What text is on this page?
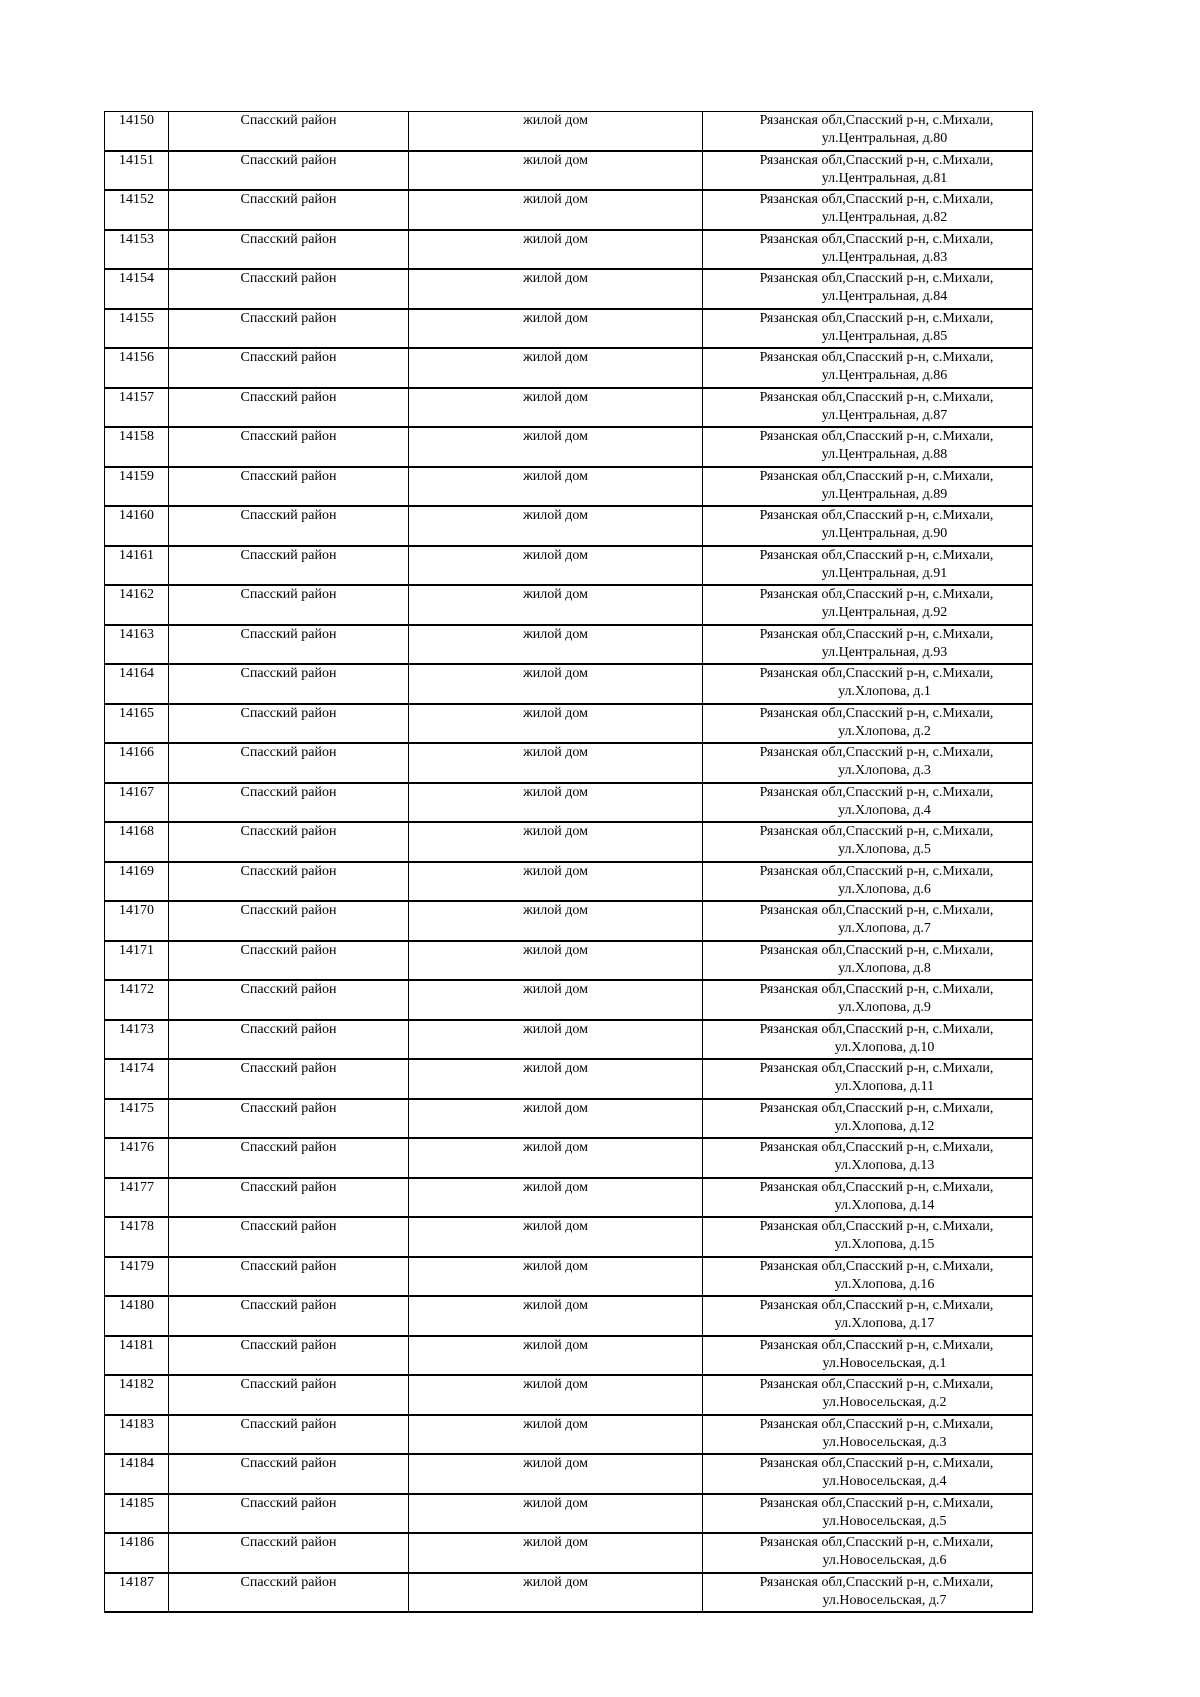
14150	Спасский район	жилой дом	Рязанская обл,Спасский р-н, с.Михали,
ул.Центральная, д.80

14151	Спасский район	жилой дом	Рязанская обл,Спасский р-н, с.Михали,
ул.Центральная, д.81

14152	Спасский район	жилой дом	Рязанская обл,Спасский р-н, с.Михали,
ул.Центральная, д.82

14153	Спасский район	жилой дом	Рязанская обл,Спасский р-н, с.Михали,
ул.Центральная, д.83

14154	Спасский район	жилой дом	Рязанская обл,Спасский р-н, с.Михали,
ул.Центральная, д.84

14155	Спасский район	жилой дом	Рязанская обл,Спасский р-н, с.Михали,
ул.Центральная, д.85

14156	Спасский район	жилой дом	Рязанская обл,Спасский р-н, с.Михали,
ул.Центральная, д.86

14157	Спасский район	жилой дом	Рязанская обл,Спасский р-н, с.Михали,
ул.Центральная, д.87

14158	Спасский район	жилой дом	Рязанская обл,Спасский р-н, с.Михали,
ул.Центральная, д.88

14159	Спасский район	жилой дом	Рязанская обл,Спасский р-н, с.Михали,
ул.Центральная, д.89

14160	Спасский район	жилой дом	Рязанская обл,Спасский р-н, с.Михали,
ул.Центральная, д.90

14161	Спасский район	жилой дом	Рязанская обл,Спасский р-н, с.Михали,
ул.Центральная, д.91

14162	Спасский район	жилой дом	Рязанская обл,Спасский р-н, с.Михали,
ул.Центральная, д.92

14163	Спасский район	жилой дом	Рязанская обл,Спасский р-н, с.Михали,
ул.Центральная, д.93

14164	Спасский район	жилой дом	Рязанская обл,Спасский р-н, с.Михали,
ул.Хлопова, д.1

14165	Спасский район	жилой дом	Рязанская обл,Спасский р-н, с.Михали,
ул.Хлопова, д.2

14166	Спасский район	жилой дом	Рязанская обл,Спасский р-н, с.Михали,
ул.Хлопова, д.3

14167	Спасский район	жилой дом	Рязанская обл,Спасский р-н, с.Михали,
ул.Хлопова, д.4

14168	Спасский район	жилой дом	Рязанская обл,Спасский р-н, с.Михали,
ул.Хлопова, д.5

14169	Спасский район	жилой дом	Рязанская обл,Спасский р-н, с.Михали,
ул.Хлопова, д.6

14170	Спасский район	жилой дом	Рязанская обл,Спасский р-н, с.Михали,
ул.Хлопова, д.7

14171	Спасский район	жилой дом	Рязанская обл,Спасский р-н, с.Михали,
ул.Хлопова, д.8

14172	Спасский район	жилой дом	Рязанская обл,Спасский р-н, с.Михали,
ул.Хлопова, д.9

14173	Спасский район	жилой дом	Рязанская обл,Спасский р-н, с.Михали,
ул.Хлопова, д.10

14174	Спасский район	жилой дом	Рязанская обл,Спасский р-н, с.Михали,
ул.Хлопова, д.11

14175	Спасский район	жилой дом	Рязанская обл,Спасский р-н, с.Михали,
ул.Хлопова, д.12

14176	Спасский район	жилой дом	Рязанская обл,Спасский р-н, с.Михали,
ул.Хлопова, д.13

14177	Спасский район	жилой дом	Рязанская обл,Спасский р-н, с.Михали,
ул.Хлопова, д.14

14178	Спасский район	жилой дом	Рязанская обл,Спасский р-н, с.Михали,
ул.Хлопова, д.15

14179	Спасский район	жилой дом	Рязанская обл,Спасский р-н, с.Михали,
ул.Хлопова, д.16

14180	Спасский район	жилой дом	Рязанская обл,Спасский р-н, с.Михали,
ул.Хлопова, д.17

14181	Спасский район	жилой дом	Рязанская обл,Спасский р-н, с.Михали,
ул.Новосельская, д.1

14182	Спасский район	жилой дом	Рязанская обл,Спасский р-н, с.Михали,
ул.Новосельская, д.2

14183	Спасский район	жилой дом	Рязанская обл,Спасский р-н, с.Михали,
ул.Новосельская, д.3

14184	Спасский район	жилой дом	Рязанская обл,Спасский р-н, с.Михали,
ул.Новосельская, д.4

14185	Спасский район	жилой дом	Рязанская обл,Спасский р-н, с.Михали,
ул.Новосельская, д.5

14186	Спасский район	жилой дом	Рязанская обл,Спасский р-н, с.Михали,
ул.Новосельская, д.6

14187	Спасский район	жилой дом	Рязанская обл,Спасский р-н, с.Михали,
ул.Новосельская, д.7
